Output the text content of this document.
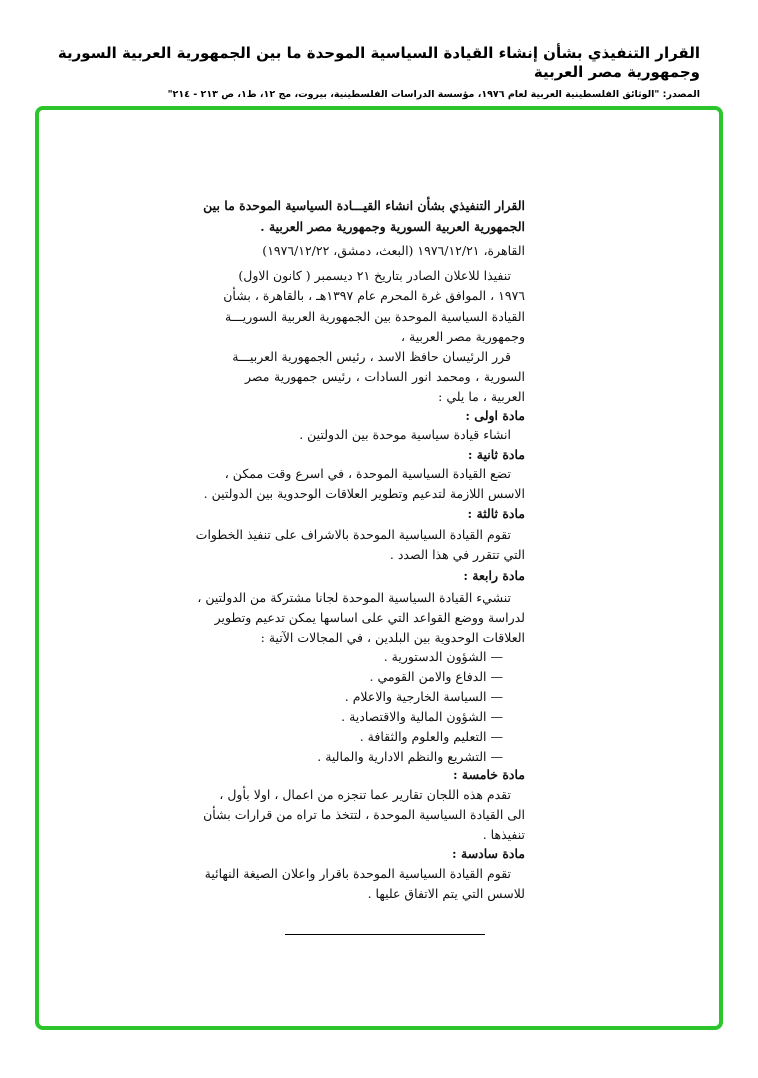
القرار التنفيذي بشأن إنشاء القيادة السياسية الموحدة ما بين الجمهورية العربية السورية وجمهورية مصر العربية
المصدر: "الوثائق الفلسطينية العربية لعام ١٩٧٦، مؤسسة الدراسات الفلسطينية، بيروت، مج ١٢، ط١، ص ٢١٣ - ٢١٤"
القرار التنفيذي بشأن انشاء القيـــادة السياسية الموحدة ما بين
الجمهورية العربية السورية وجمهورية مصر العربية .
القاهرة، ١٩٧٦/١٢/٢١ (البعث، دمشق، ١٩٧٦/١٢/٢٢)
تنفيذا للاعلان الصادر بتاريخ ٢١ ديسمبر ( كانون الاول)
١٩٧٦ ، الموافق غرة المحرم عام ١٣٩٧هـ ، بالقاهرة ، بشأن
القيادة السياسية الموحدة بين الجمهورية العربية السوريـــة
وجمهورية مصر العربية ،
قرر الرئيسان حافظ الاسد ، رئيس الجمهورية العربيـــة
السورية ، ومحمد انور السادات ، رئيس جمهورية مصر
العربية ، ما يلي :
مادة اولى :
انشاء قيادة سياسية موحدة بين الدولتين .
مادة ثانية :
تضع القيادة السياسية الموحدة ، في اسرع وقت ممكن ،
الاسس اللازمة لتدعيم وتطوير العلاقات الوحدوية بين الدولتين .
مادة ثالثة :
تقوم القيادة السياسية الموحدة بالاشراف على تنفيذ الخطوات
التي تتقرر في هذا الصدد .
مادة رابعة :
تنشيء القيادة السياسية الموحدة لجانا مشتركة من الدولتين ،
لدراسة ووضع القواعد التي على اساسها يمكن تدعيم وتطوير
العلاقات الوحدوية بين البلدين ، في المجالات الآتية :
— الشؤون الدستورية .
— الدفاع والامن القومي .
— السياسة الخارجية والاعلام .
— الشؤون المالية والاقتصادية .
— التعليم والعلوم والثقافة .
— التشريع والنظم الادارية والمالية .
مادة خامسة :
تقدم هذه اللجان تقارير عما تنجزه من اعمال ، اولا بأول ،
الى القيادة السياسية الموحدة ، لتتخذ ما تراه من قرارات بشأن
تنفيذها .
مادة سادسة :
تقوم القيادة السياسية الموحدة باقرار واعلان الصيغة النهائية
للاسس التي يتم الاتفاق عليها .
